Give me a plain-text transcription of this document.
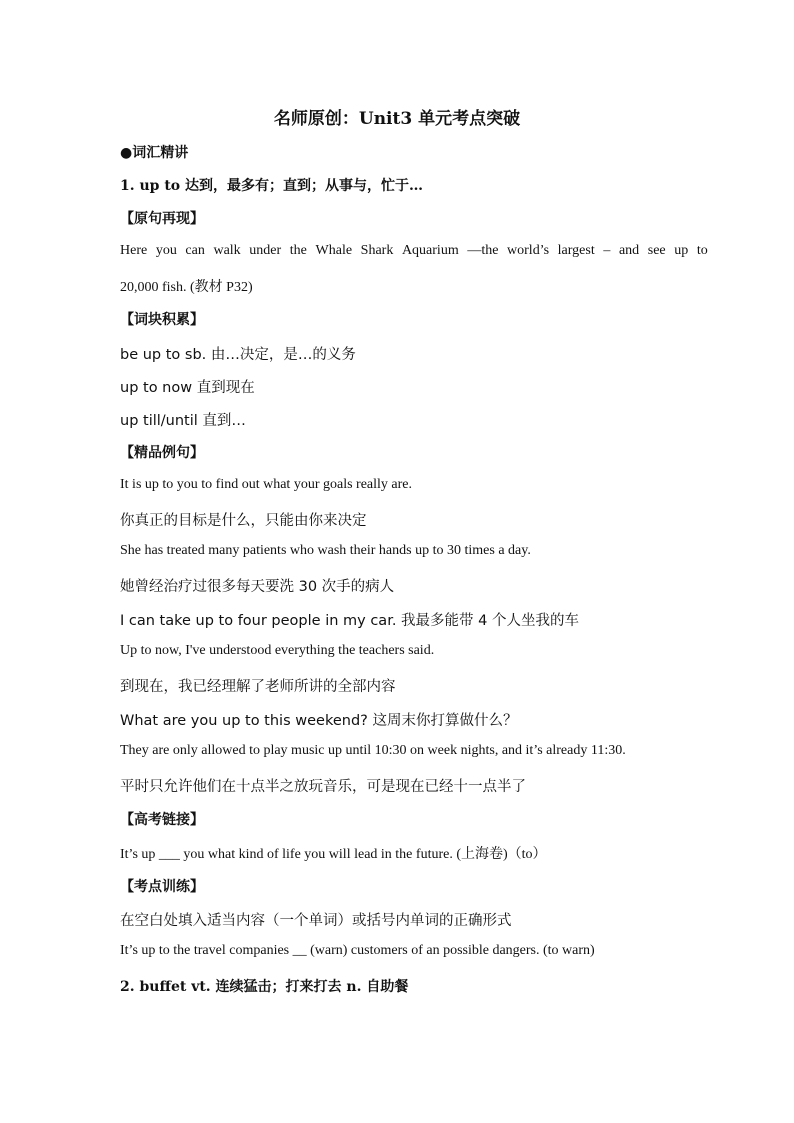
名师原创：Unit3 单元考点突破
●词汇精讲
1. up to 达到，最多有；直到；从事与，忙于…
【原句再现】
Here you can walk under the Whale Shark Aquarium —the world’s largest – and see up to
20,000 fish. (教材 P32)
【词块积累】
be up to sb. 由…决定，是…的义务
up to now 直到现在
up till/until 直到…
【精品例句】
It is up to you to find out what your goals really are.
你真正的目标是什么，只能由你来决定
She has treated many patients who wash their hands up to 30 times a day.
她曾经治疗过很多每天要洗 30 次手的病人
I can take up to four people in my car. 我最多能带 4 个人坐我的车
Up to now, I've understood everything the teachers said.
到现在，我已经理解了老师所讲的全部内容
What are you up to this weekend? 这周末你打算做什么？
They are only allowed to play music up until 10:30 on week nights, and it’s already 11:30.
平时只允许他们在十点半之放玩音乐，可是现在已经十一点半了
【高考链接】
It’s up ___ you what kind of life you will lead in the future. (上海卷)（to）
【考点训练】
在空白处填入适当内容（一个单词）或括号内单词的正确形式
It’s up to the travel companies __ (warn) customers of an possible dangers. (to warn)
2. buffet vt. 连续猛击；打来打去 n. 自助餐
